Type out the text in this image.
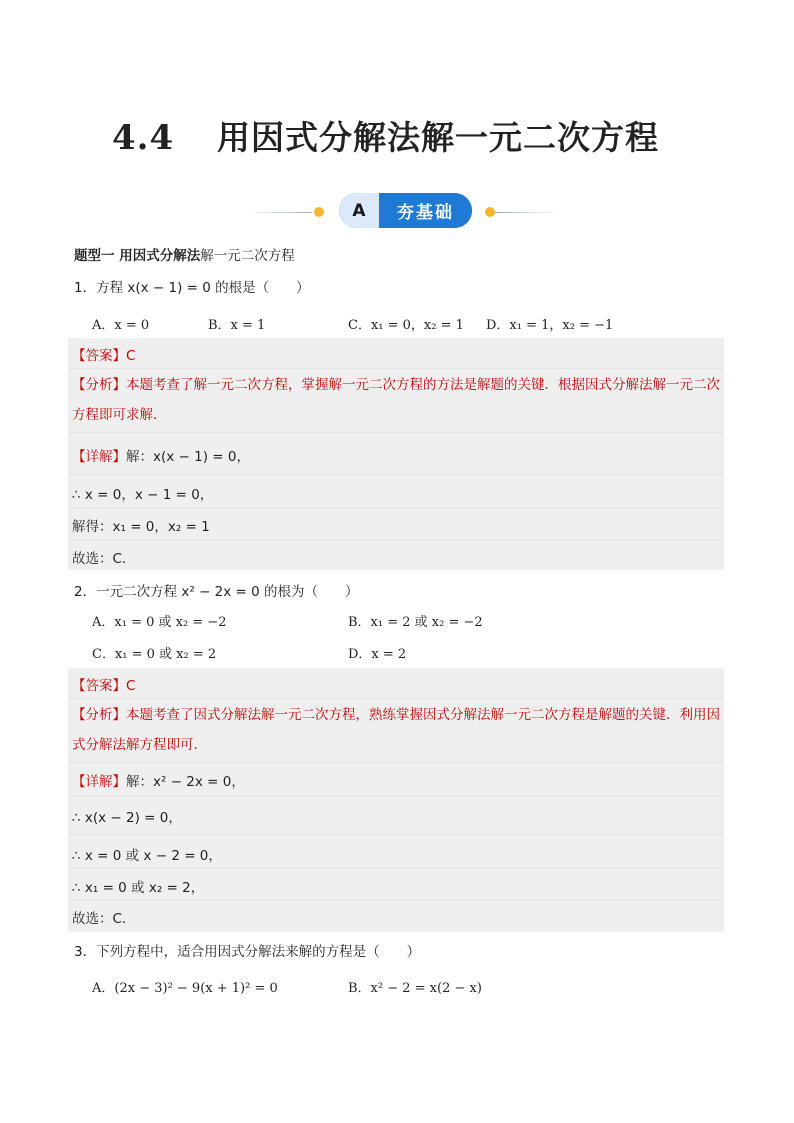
4.4 用因式分解法解一元二次方程
A	夯基础
题型一 用因式分解法解一元二次方程
1．方程 x(x − 1) = 0 的根是（　　）
A．x = 0	B．x = 1	C．x₁ = 0，x₂ = 1 D．x₁ = 1，x₂ = −1
【答案】C
【分析】本题考查了解一元二次方程，掌握解一元二次方程的方法是解题的关键．根据因式分解法解一元二次方程即可求解．
【详解】解：x(x − 1) = 0，
∴ x = 0，x − 1 = 0，
解得：x₁ = 0，x₂ = 1
故选：C．
2．一元二次方程 x² − 2x = 0 的根为（　　）
A．x₁ = 0 或 x₂ = −2	B．x₁ = 2 或 x₂ = −2
C．x₁ = 0 或 x₂ = 2	D．x = 2
【答案】C
【分析】本题考查了因式分解法解一元二次方程，熟练掌握因式分解法解一元二次方程是解题的关键．利用因式分解法解方程即可．
【详解】解：x² − 2x = 0，
∴ x(x − 2) = 0，
∴ x = 0 或 x − 2 = 0，
∴ x₁ = 0 或 x₂ = 2，
故选：C．
3．下列方程中，适合用因式分解法来解的方程是（　　）
A．(2x − 3)² − 9(x + 1)² = 0	B．x² − 2 = x(2 − x)
